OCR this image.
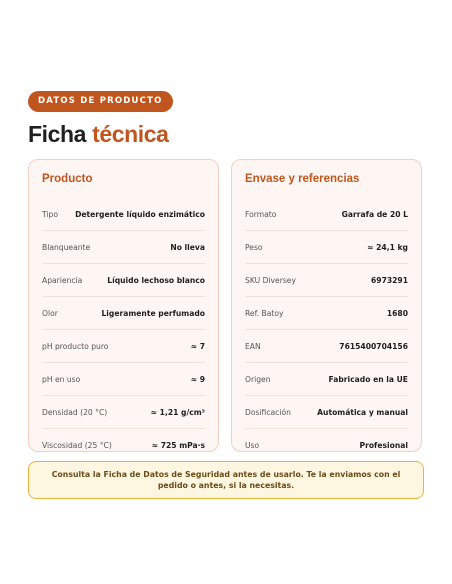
DATOS DE PRODUCTO
Ficha técnica
Producto
Tipo Detergente líquido enzimático
Blanqueante	No lleva
Apariencia	Líquido lechoso blanco
Olor	Ligeramente perfumado
pH producto puro	≈ 7
pH en uso	≈ 9
Densidad (20 °C)	≈ 1,21 g/cm³
Viscosidad (25 °C)	≈ 725 mPa·s
Envase y referencias
Formato	Garrafa de 20 L
Peso	≈ 24,1 kg
SKU Diversey	6973291
Ref. Batoy	1680
EAN	7615400704156
Origen	Fabricado en la UE
Dosificación	Automática y manual
Uso	Profesional
Consulta la Ficha de Datos de Seguridad antes de usarlo. Te la enviamos con el pedido o antes, si la necesitas.
